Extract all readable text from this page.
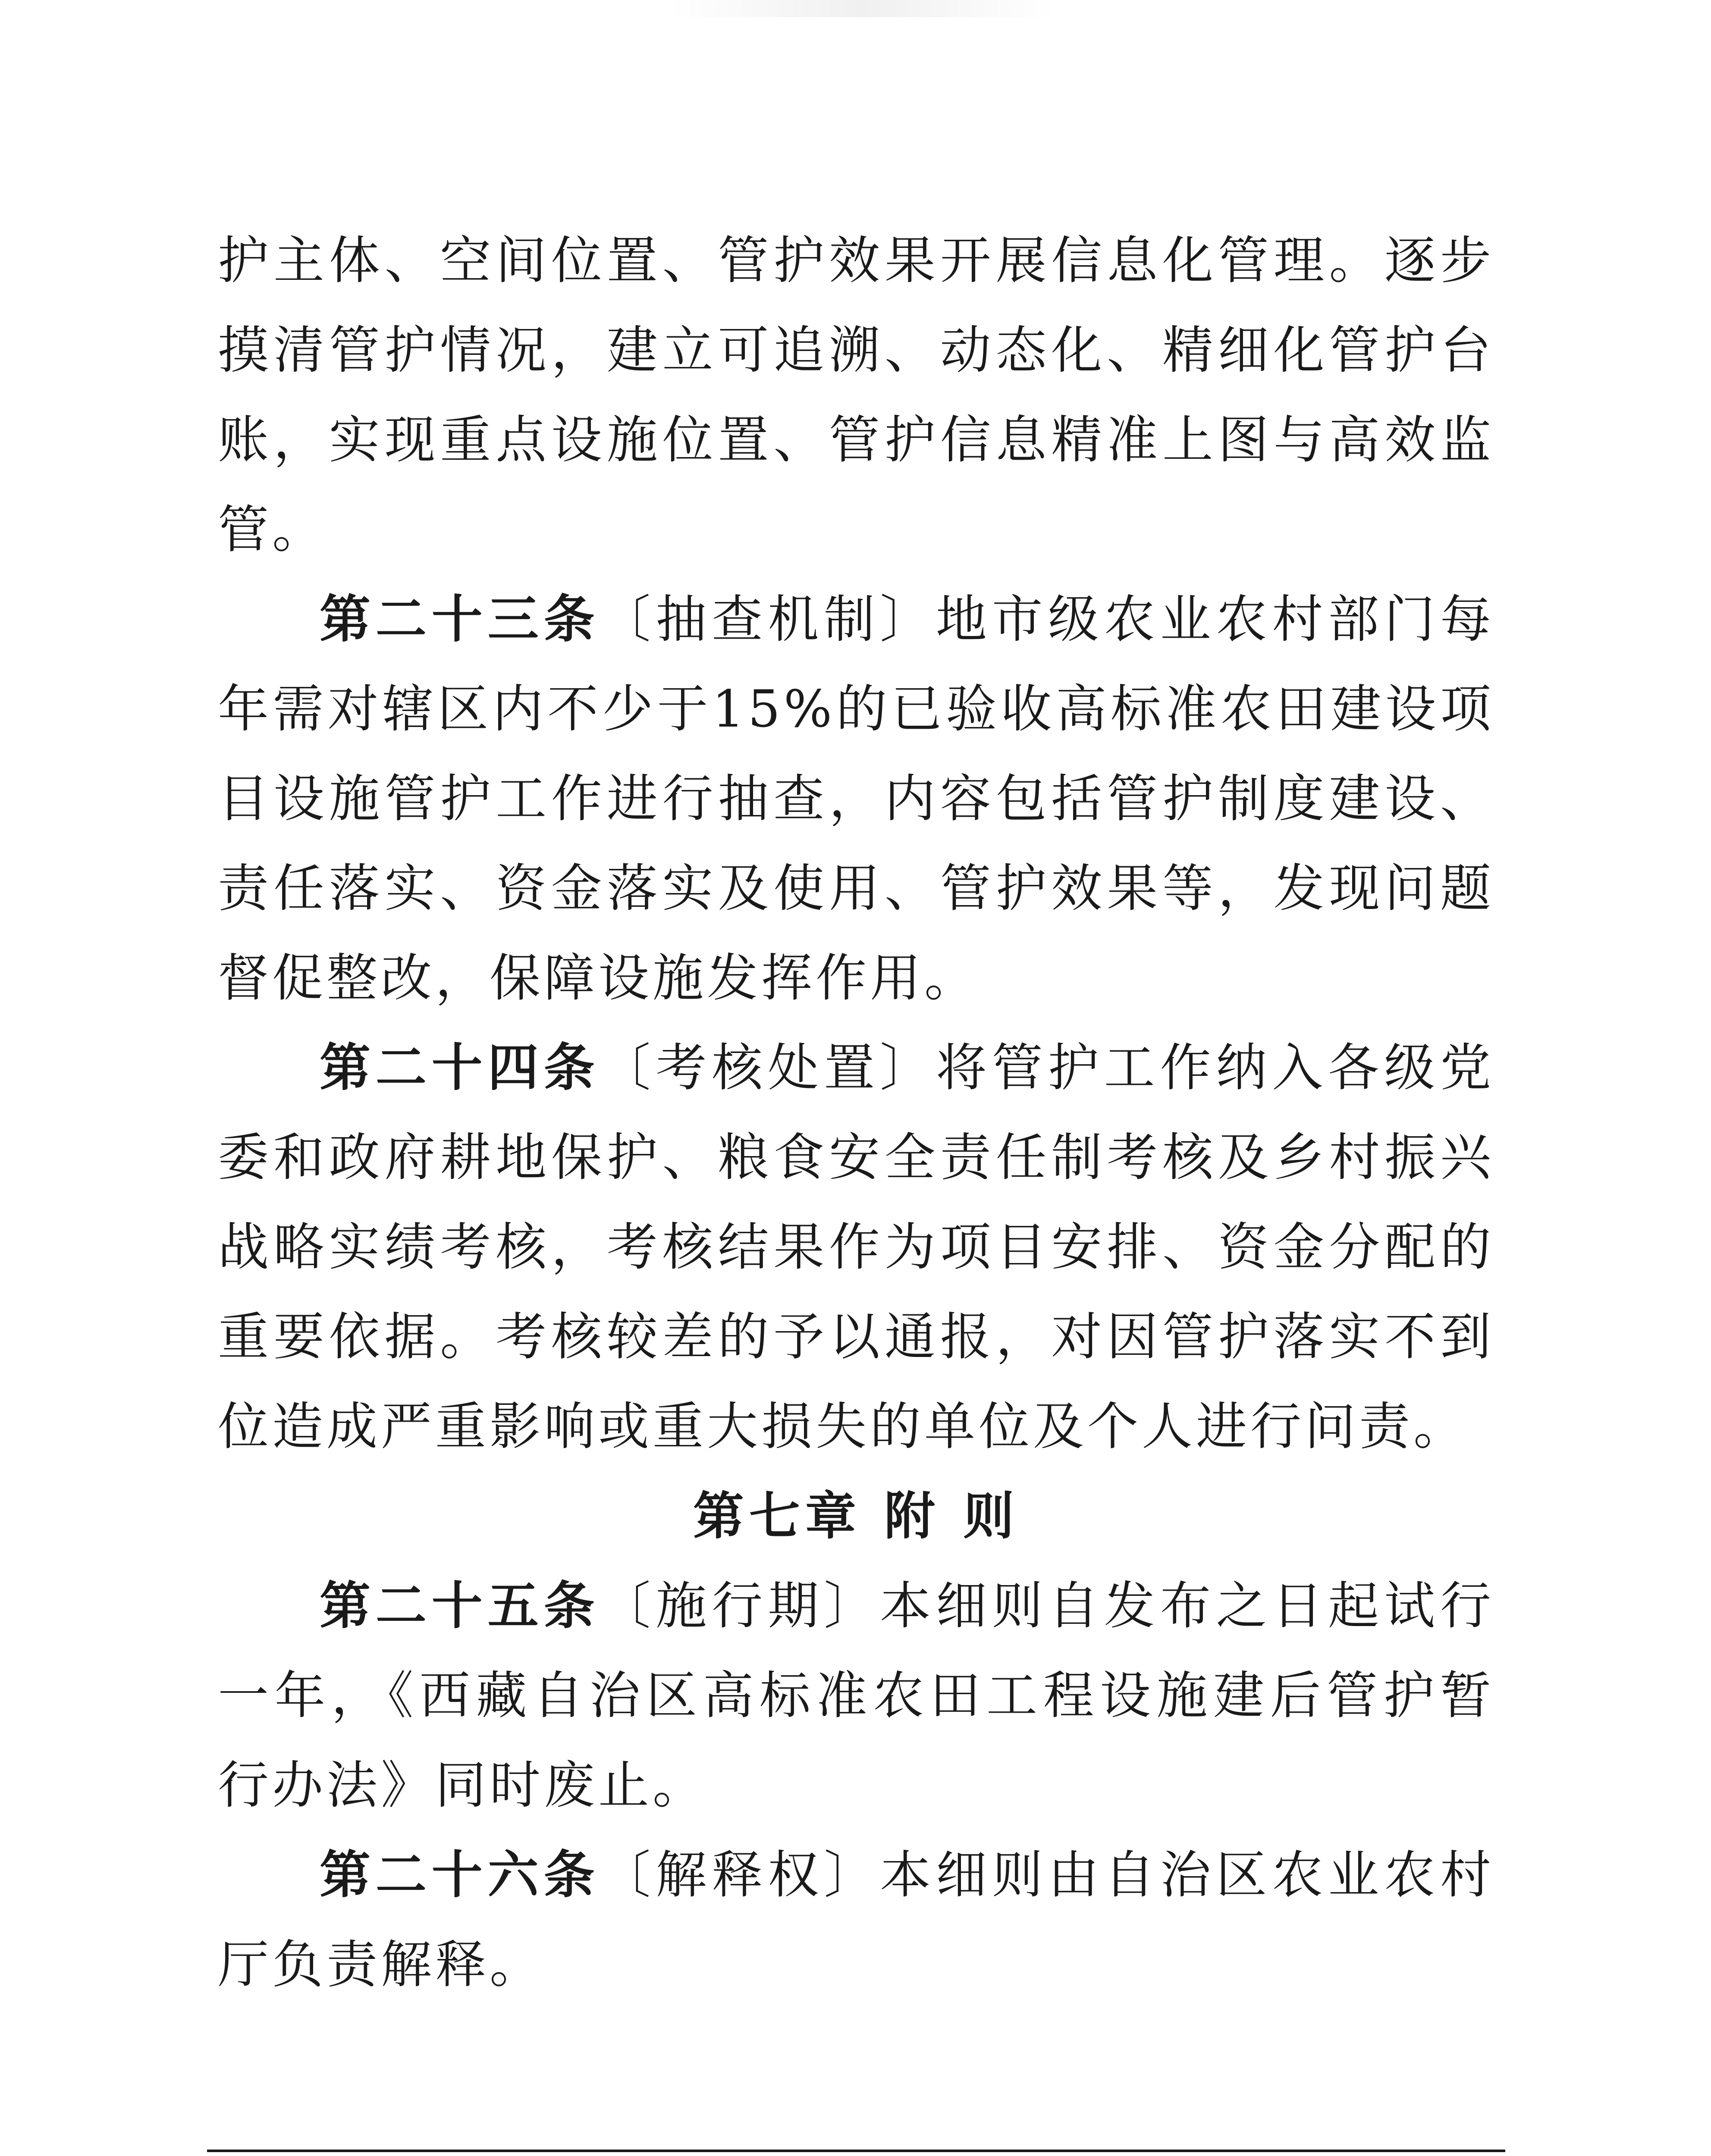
护主体、空间位置、管护效果开展信息化管理。逐步摸清管护情况，建立可追溯、动态化、精细化管护台账，实现重点设施位置、管护信息精准上图与高效监管。

第二十三条〔抽查机制〕地市级农业农村部门每年需对辖区内不少于15%的已验收高标准农田建设项目设施管护工作进行抽查，内容包括管护制度建设、责任落实、资金落实及使用、管护效果等，发现问题督促整改，保障设施发挥作用。

第二十四条〔考核处置〕将管护工作纳入各级党委和政府耕地保护、粮食安全责任制考核及乡村振兴战略实绩考核，考核结果作为项目安排、资金分配的重要依据。考核较差的予以通报，对因管护落实不到位造成严重影响或重大损失的单位及个人进行问责。

第七章 附 则

第二十五条〔施行期〕本细则自发布之日起试行一年，《西藏自治区高标准农田工程设施建后管护暂行办法》同时废止。

第二十六条〔解释权〕本细则由自治区农业农村厅负责解释。
